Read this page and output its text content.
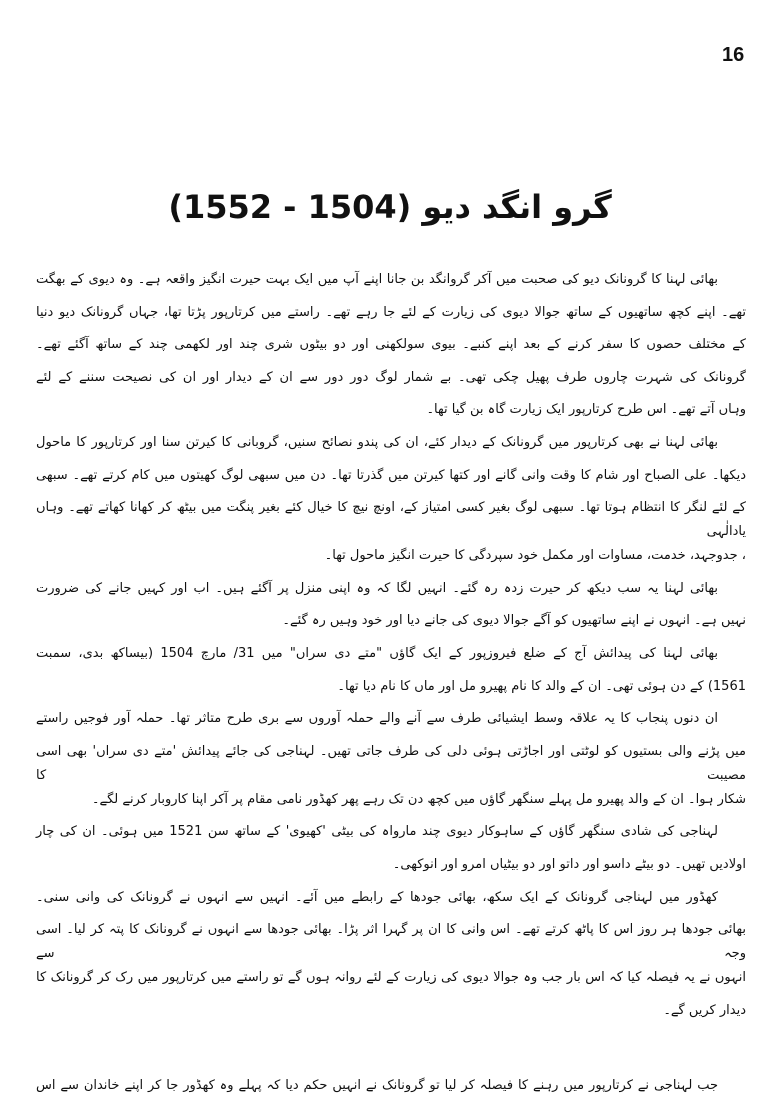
16
گرو انگد دیو (1504 - 1552)
بھائی لہنا کا گرونانک دیو کی صحبت میں آکر گروانگد بن جانا اپنے آپ میں ایک بہت حیرت انگیز واقعہ ہے۔ وہ دیوی کے بھگت
تھے۔ اپنے کچھ ساتھیوں کے ساتھ جوالا دیوی کی زیارت کے لئے جا رہے تھے۔ راستے میں کرتارپور پڑتا تھا، جہاں گرونانک دیو دنیا
کے مختلف حصوں کا سفر کرنے کے بعد اپنے کنبے۔ بیوی سولکھنی اور دو بیٹوں شری چند اور لکھمی چند کے ساتھ آگئے تھے۔
گرونانک کی شہرت چاروں طرف پھیل چکی تھی۔ بے شمار لوگ دور دور سے ان کے دیدار اور ان کی نصیحت سننے کے لئے
وہاں آتے تھے۔ اس طرح کرتارپور ایک زیارت گاہ بن گیا تھا۔
بھائی لہنا نے بھی کرتارپور میں گرونانک کے دیدار کئے، ان کی پندو نصائح سنیں، گروبانی کا کیرتن سنا اور کرتارپور کا ماحول
دیکھا۔ علی الصباح اور شام کا وقت وانی گانے اور کتھا کیرتن میں گذرتا تھا۔ دن میں سبھی لوگ کھیتوں میں کام کرتے تھے۔ سبھی
کے لئے لنگر کا انتظام ہوتا تھا۔ سبھی لوگ بغیر کسی امتیاز کے، اونچ نیچ کا خیال کئے بغیر پنگت میں بیٹھ کر کھانا کھاتے تھے۔ وہاں یادالٰہی
، جدوجہد، خدمت، مساوات اور مکمل خود سپردگی کا حیرت انگیز ماحول تھا۔
بھائی لہنا یہ سب دیکھ کر حیرت زدہ رہ گئے۔ انہیں لگا کہ وہ اپنی منزل پر آگئے ہیں۔ اب اور کہیں جانے کی ضرورت
نہیں ہے۔ انہوں نے اپنے ساتھیوں کو آگے جوالا دیوی کی جانے دیا اور خود وہیں رہ گئے۔
بھائی لہنا کی پیدائش آج کے ضلع فیروزپور کے ایک گاؤں "متے دی سراں" میں 31/ مارچ 1504 (بیساکھ بدی، سمبت
1561) کے دن ہوئی تھی۔ ان کے والد کا نام پھیرو مل اور ماں کا نام دیا تھا۔
ان دنوں پنجاب کا یہ علاقہ وسط ایشیائی طرف سے آنے والے حملہ آوروں سے بری طرح متاثر تھا۔ حملہ آور فوجیں راستے
میں پڑنے والی بستیوں کو لوٹتی اور اجاڑتی ہوئی دلی کی طرف جاتی تھیں۔ لہناجی کی جائے پیدائش 'متے دی سراں' بھی اسی مصیبت کا
شکار ہوا۔ ان کے والد پھیرو مل پہلے سنگھر گاؤں میں کچھ دن تک رہے پھر کھڈور نامی مقام پر آکر اپنا کاروبار کرنے لگے۔
لہناجی کی شادی سنگھر گاؤں کے ساہوکار دیوی چند مارواہ کی بیٹی 'کھیوی' کے ساتھ سن 1521 میں ہوئی۔ ان کی چار
اولادیں تھیں۔ دو بیٹے داسو اور داتو اور دو بیٹیاں امرو اور انوکھی۔
کھڈور میں لہناجی گرونانک کے ایک سکھ، بھائی جودھا کے رابطے میں آئے۔ انہیں سے انہوں نے گرونانک کی وانی سنی۔
بھائی جودھا ہر روز اس کا پاٹھ کرتے تھے۔ اس وانی کا ان پر گہرا اثر پڑا۔ بھائی جودھا سے انہوں نے گرونانک کا پتہ کر لیا۔ اسی وجہ سے
انہوں نے یہ فیصلہ کیا کہ اس بار جب وہ جوالا دیوی کی زیارت کے لئے روانہ ہوں گے تو راستے میں کرتارپور میں رک کر گرونانک کا
دیدار کریں گے۔
جب لہناجی نے کرتارپور میں رہنے کا فیصلہ کر لیا تو گرونانک نے انہیں حکم دیا کہ پہلے وہ کھڈور جا کر اپنے خاندان سے اس
